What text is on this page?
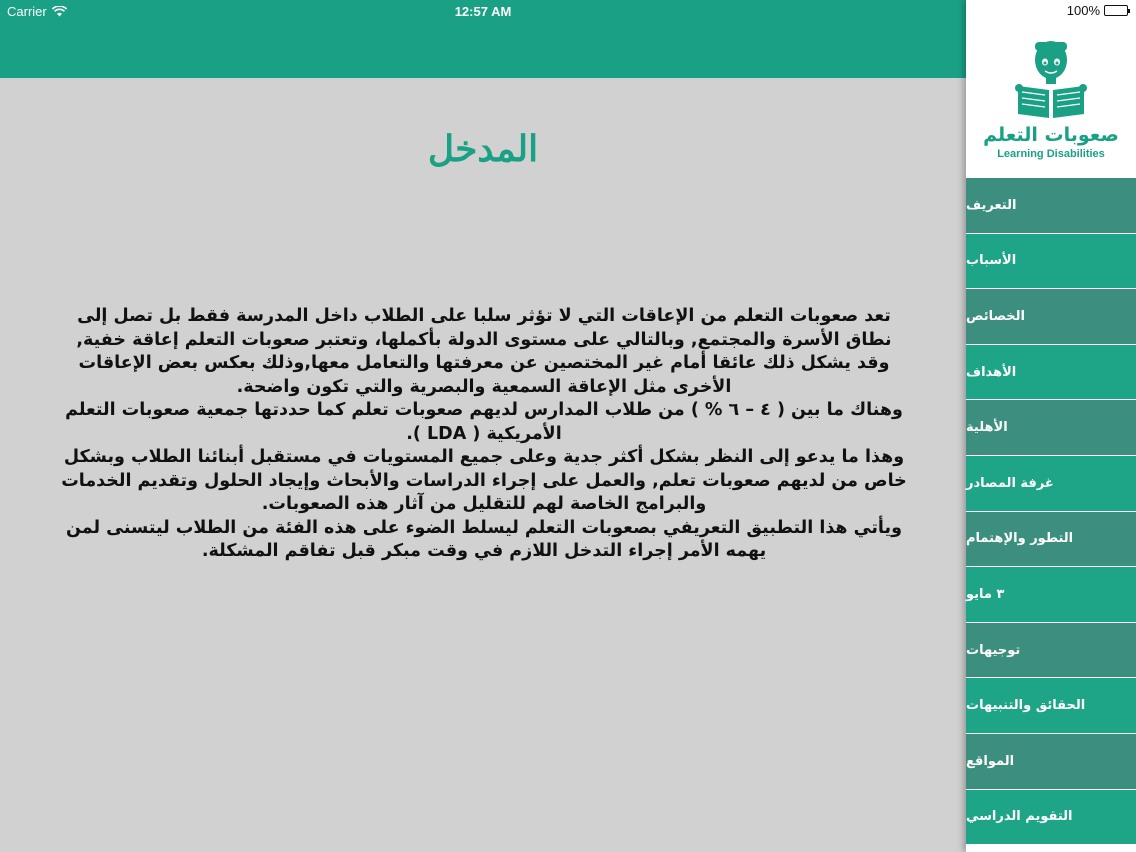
المدخل

تعد صعوبات التعلم من الإعاقات التي لا تؤثر سلبا على الطلاب داخل المدرسة فقط بل تصل إلى نطاق الأسرة والمجتمع, وبالتالي على مستوى الدولة بأكملها، وتعتبر صعوبات التعلم إعاقة خفية, وقد يشكل ذلك عائقا أمام غير المختصين عن معرفتها والتعامل معها,وذلك بعكس بعض الإعاقات الأخرى مثل الإعاقة السمعية والبصرية والتي تكون واضحة.

وهناك ما بين ( ٤ – ٦ % ) من طلاب المدارس لديهم صعوبات تعلم كما حددتها جمعية صعوبات التعلم الأمريكية ( LDA ).

وهذا ما يدعو إلى النظر بشكل أكثر جدية وعلى جميع المستويات في مستقبل أبنائنا الطلاب وبشكل خاص من لديهم صعوبات تعلم, والعمل على إجراء الدراسات والأبحاث وإيجاد الحلول وتقديم الخدمات والبرامج الخاصة لهم للتقليل من آثار هذه الصعوبات.

ويأتي هذا التطبيق التعريفي بصعوبات التعلم ليسلط الضوء على هذه الفئة من الطلاب ليتسنى لمن يهمه الأمر إجراء التدخل اللازم في وقت مبكر قبل تفاقم المشكلة.

صعوبات التعلم
Learning Disabilities
التعريف
الأسباب
الخصائص
الأهداف
الأهلية
غرفة المصادر
التطور والإهتمام
٣ مايو
توجيهات
الحقائق والتنبيهات
المواقع
التقويم الدراسي
Carrier	12:57 AM	100%
